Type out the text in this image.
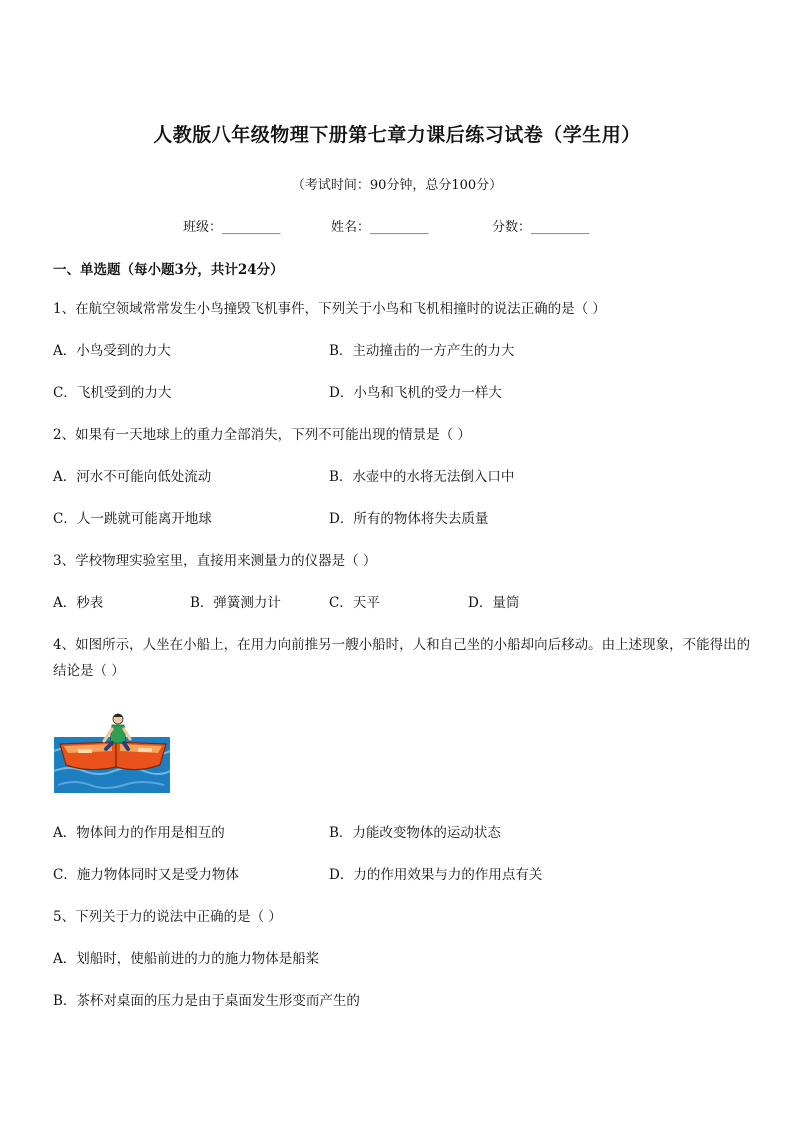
人教版八年级物理下册第七章力课后练习试卷（学生用）
（考试时间：90分钟，总分100分）
班级：_________	姓名：_________	分数：_________
一、单选题（每小题3分，共计24分）
1、在航空领域常常发生小鸟撞毁飞机事件，下列关于小鸟和飞机相撞时的说法正确的是（ ）
A．小鸟受到的力大	B．主动撞击的一方产生的力大
C．飞机受到的力大	D．小鸟和飞机的受力一样大
2、如果有一天地球上的重力全部消失，下列不可能出现的情景是（ ）
A．河水不可能向低处流动	B．水壶中的水将无法倒入口中
C．人一跳就可能离开地球	D．所有的物体将失去质量
3、学校物理实验室里，直接用来测量力的仪器是（ ）
A．秒表	B．弹簧测力计	C．天平	D．量筒
4、如图所示，人坐在小船上，在用力向前推另一艘小船时，人和自己坐的小船却向后移动。由上述现象，不能得出的结论是（ ）
A．物体间力的作用是相互的	B．力能改变物体的运动状态
C．施力物体同时又是受力物体	D．力的作用效果与力的作用点有关
5、下列关于力的说法中正确的是（ ）
A．划船时，使船前进的力的施力物体是船桨
B．茶杯对桌面的压力是由于桌面发生形变而产生的
